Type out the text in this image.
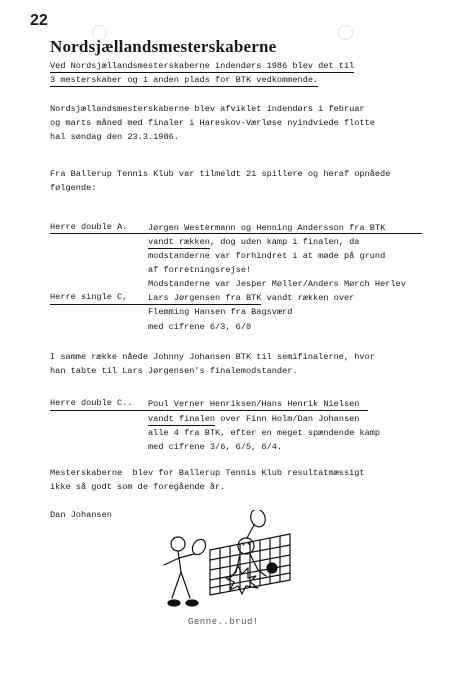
22
Nordsjællandsmesterskaberne
Ved Nordsjællandsmesterskaberne indendørs 1986 blev det til
3 mesterskaber og 1 anden plads for BTK vedkommende.
Nordsjællandsmesterskaberne blev afviklet indendørs i februar
og marts måned med finaler i Hareskov-Værløse nyindviede flotte
hal søndag den 23.3.1986.
Fra Ballerup Tennis Klub var tilmeldt 21 spillere og heraf opnåede
følgende:
Herre double A. Jørgen Westermann og Henning Andersson fra BTK
vandt rækken, dog uden kamp i finalen, da
modstanderne var forhindret i at møde på grund
af forretningsrejse!
Modstanderne var Jesper Møller/Anders Mørch Herlev
Herre single C, Lars Jørgensen fra BTK vandt rækken over
Flemming Hansen fra Bagsværd
med cifrene 6/3, 6/0
I samme række nåede Johnny Johansen BTK til semifinalerne, hvor
han tabte til Lars Jørgensen's finalemodstander.
Herre double C.. Poul Verner Henriksen/Hans Henrik Nielsen
vandt finalen over Finn Holm/Dan Johansen
alle 4 fra BTK, efter en meget spændende kamp
med cifrene 3/6, 6/5, 6/4.
Mesterskaberne  blev for Ballerup Tennis Klub resultatmæssigt
ikke så godt som de foregående år.
Dan Johansen
Genne..brud!
